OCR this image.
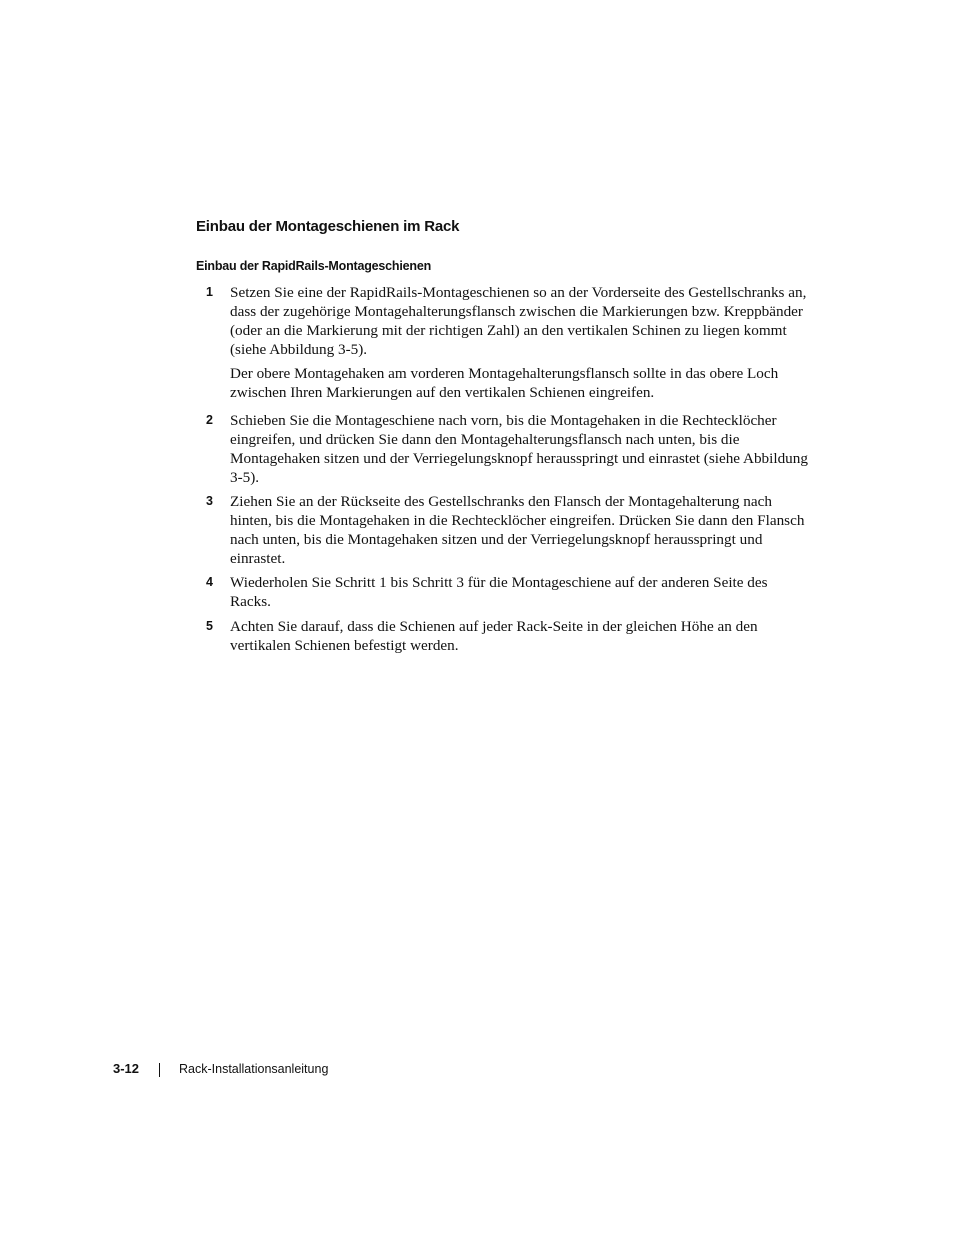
Einbau der Montageschienen im Rack
Einbau der RapidRails-Montageschienen
1 Setzen Sie eine der RapidRails-Montageschienen so an der Vorderseite des Gestellschranks an, dass der zugehörige Montagehalterungsflansch zwischen die Markierungen bzw. Kreppbänder (oder an die Markierung mit der richtigen Zahl) an den vertikalen Schinen zu liegen kommt (siehe Abbildung 3-5).

Der obere Montagehaken am vorderen Montagehalterungsflansch sollte in das obere Loch zwischen Ihren Markierungen auf den vertikalen Schienen eingreifen.

2 Schieben Sie die Montageschiene nach vorn, bis die Montagehaken in die Rechtecklöcher eingreifen, und drücken Sie dann den Montagehalterungsflansch nach unten, bis die Montagehaken sitzen und der Verriegelungsknopf herausspringt und einrastet (siehe Abbildung 3-5).

3 Ziehen Sie an der Rückseite des Gestellschranks den Flansch der Montagehalterung nach hinten, bis die Montagehaken in die Rechtecklöcher eingreifen. Drücken Sie dann den Flansch nach unten, bis die Montagehaken sitzen und der Verriegelungsknopf herausspringt und einrastet.

4 Wiederholen Sie Schritt 1 bis Schritt 3 für die Montageschiene auf der anderen Seite des Racks.

5 Achten Sie darauf, dass die Schienen auf jeder Rack-Seite in der gleichen Höhe an den vertikalen Schienen befestigt werden.

3-12	Rack-Installationsanleitung
